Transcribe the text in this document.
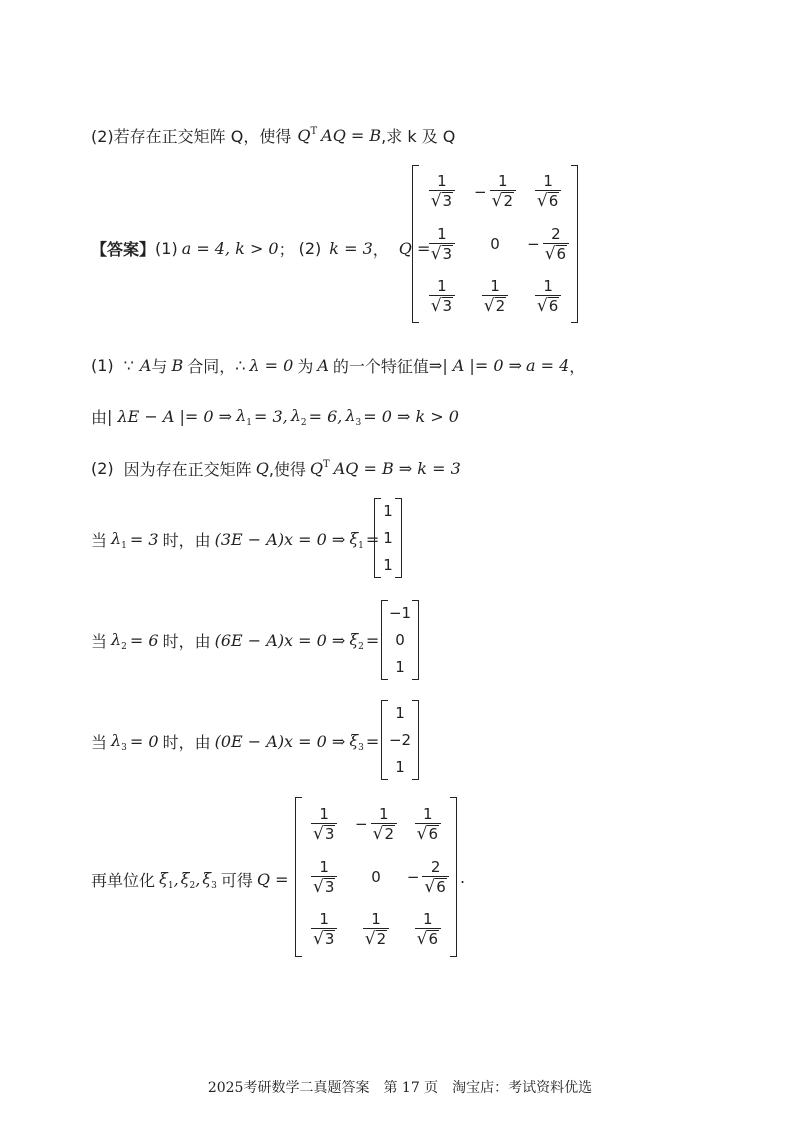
(2)若存在正交矩阵 Q，使得 $Q^T$ AQ = B ,求 k 及 Q
【答案】 (1) a = 4, k > 0 ； (2) k = 3 ， Q =
$\frac{1}{√ 3} - \frac{1}{√ 2} \frac{1}{√ 6}$
$\frac{1}{√ 3} 0 - \frac{2}{√ 6}$
$\frac{1}{√ 3} \frac{1}{√ 2} \frac{1}{√ 6}$
(1) ∵ A 与 B 合同， ∴ λ = 0 为 A 的一个特征值 ⇒| A |= 0 ⇒ a = 4 ，
由 | λE − A |= 0 ⇒ $\lambda_1 = 3$, $\lambda_2 = 6$, $\lambda_3 = 0$ ⇒ k > 0
(2) 因为存在正交矩阵 Q ,使得 $Q^T$ AQ = B ⇒ k = 3
当 $\lambda_1 = 3$ 时，由 (3E − A)x = 0 ⇒ $\xi_1$ =
1
1
1
当 $\lambda_2 = 6$ 时，由 (6E − A)x = 0 ⇒ $\xi_2$ =
−1
0
1
当 $\lambda_3 = 0$ 时，由 (0E − A)x = 0 ⇒ $\xi_3$ =
1
−2
1
再单位化 $\xi_1$ , $\xi_2$ , $\xi_3$ 可得 Q =
$\frac{1}{√ 3} - \frac{1}{√ 2} \frac{1}{√ 6}$
$\frac{1}{√ 3} 0 - \frac{2}{√ 6}$
$\frac{1}{√ 3} \frac{1}{√ 2} \frac{1}{√ 6}$
.
2025考研数学二真题答案　第 17 页　淘宝店：考试资料优选
